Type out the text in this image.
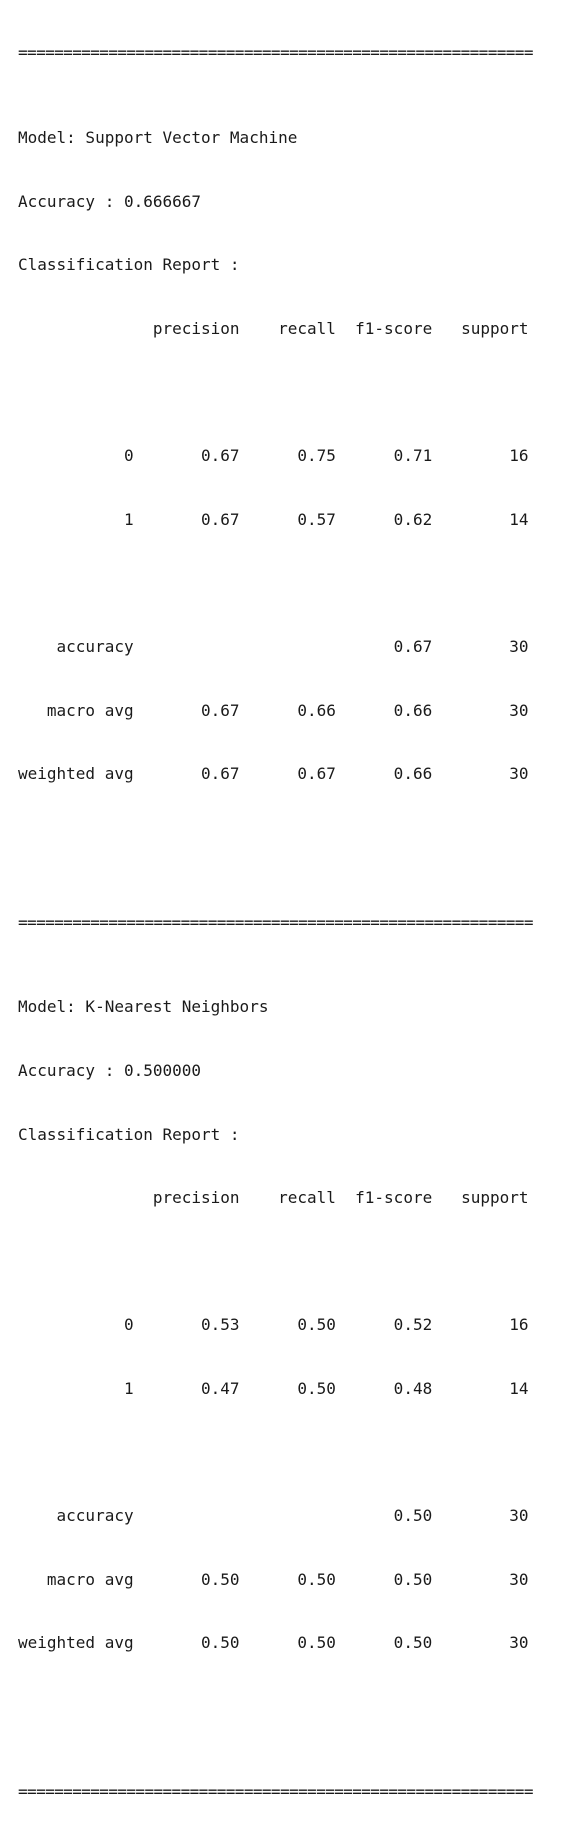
=========================================================

Model: Support Vector Machine

Accuracy : 0.666667

Classification Report :

precision    recall  f1-score   support

0       0.67      0.75      0.71        16

1       0.67      0.57      0.62        14

accuracy                           0.67        30

macro avg       0.67      0.66      0.66        30

weighted avg       0.67      0.67      0.66        30

=========================================================

Model: K-Nearest Neighbors

Accuracy : 0.500000

Classification Report :

precision    recall  f1-score   support

0       0.53      0.50      0.52        16

1       0.47      0.50      0.48        14

accuracy                           0.50        30

macro avg       0.50      0.50      0.50        30

weighted avg       0.50      0.50      0.50        30

=========================================================
